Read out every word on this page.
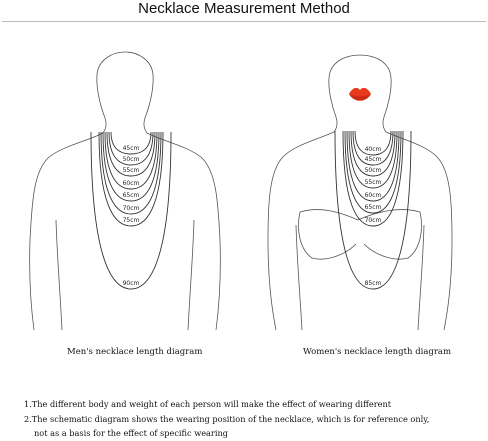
Necklace Measurement Method
45cm
50cm
55cm
60cm
65cm
70cm
75cm
90cm
40cm
45cm
50cm
55cm
60cm
65cm
70cm
85cm
Men's necklace length diagram	Women's necklace length diagram

1.The different body and weight of each person will make the effect of wearing different

2.The schematic diagram shows the wearing position of the necklace, which is for reference only,

not as a basis for the effect of specific wearing
